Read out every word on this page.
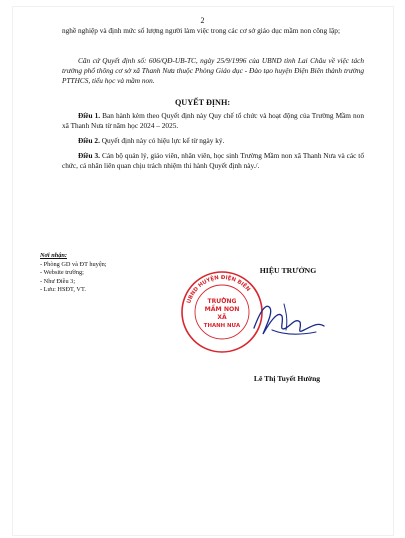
2
nghề nghiệp và định mức số lượng người làm việc trong các cơ sở giáo dục mầm non công lập;
Căn cứ Quyết định số: 606/QĐ-UB-TC, ngày 25/9/1996 của UBND tỉnh Lai Châu về việc tách trường phổ thông cơ sở xã Thanh Nưa thuộc Phòng Giáo dục - Đào tạo huyện Điện Biên thành trường PTTHCS, tiểu học và mầm non.
QUYẾT ĐỊNH:
Điều 1. Ban hành kèm theo Quyết định này Quy chế tổ chức và hoạt động của Trường Mầm non xã Thanh Nưa từ năm học 2024 – 2025.
Điều 2. Quyết định này có hiệu lực kể từ ngày ký.
Điều 3. Cán bộ quản lý, giáo viên, nhân viên, học sinh Trường Mầm non xã Thanh Nưa và các tổ chức, cá nhân liên quan chịu trách nhiệm thi hành Quyết định này./.
Nơi nhận:
- Phòng GD và ĐT huyện;
- Website trường;
- Như Điều 3;
- Lưu: HSĐT, VT.
HIỆU TRƯỞNG
UBND HUYỆN ĐIỆN BIÊN
TRƯỜNG
MẦM NON
XÃ
THANH NƯA
Lê Thị Tuyết Hường
